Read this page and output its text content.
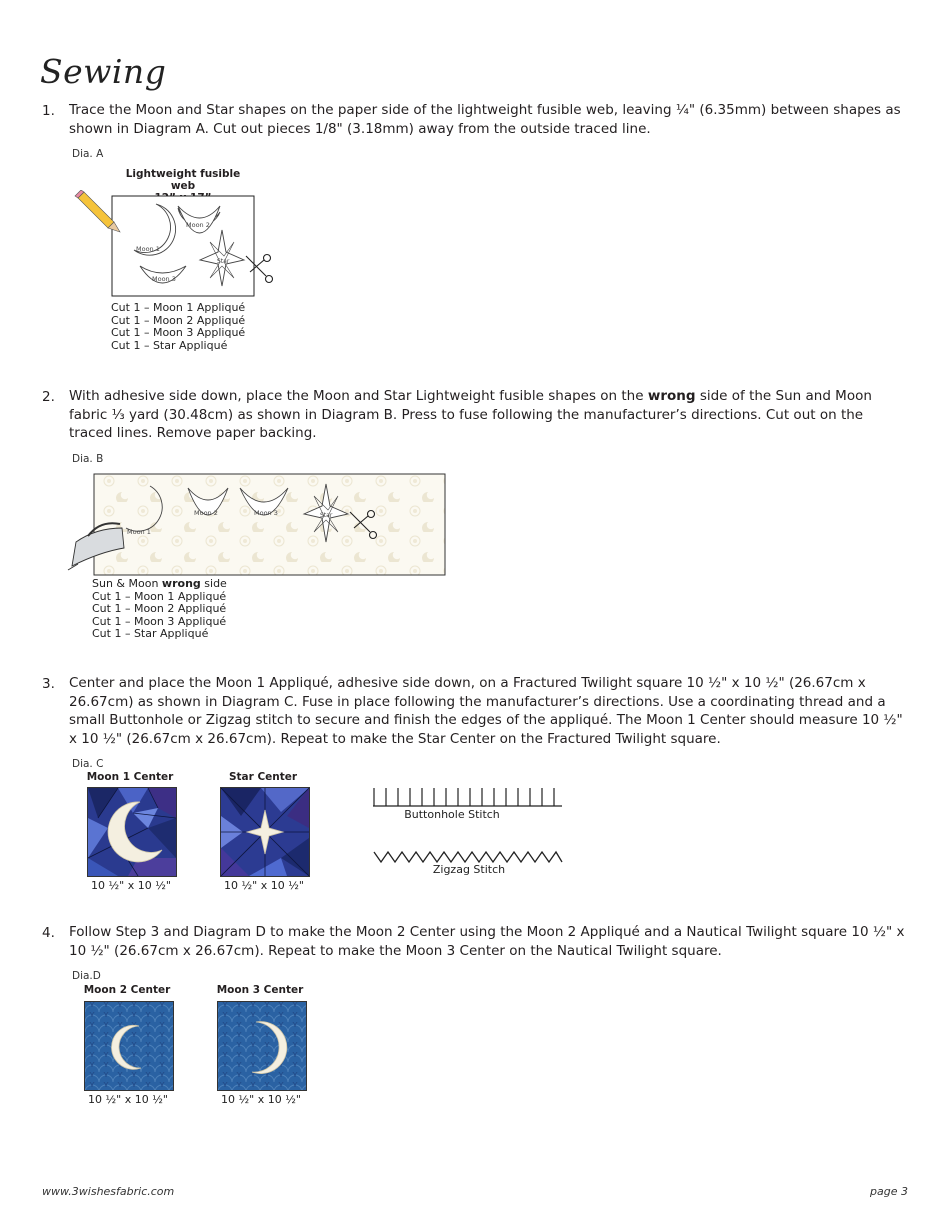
Sewing
1. Trace the Moon and Star shapes on the paper side of the lightweight fusible web, leaving ¼" (6.35mm) between shapes as shown in Diagram A. Cut out pieces 1/8" (3.18mm) away from the outside traced line.
Dia. A
Lightweight fusible web
Moon 1
Moon 2
Moon 3
Star
Cut 1 – Moon 1 Appliqué
Cut 1 – Moon 2 Appliqué
Cut 1 – Moon 3 Appliqué
Cut 1 – Star Appliqué
2. With adhesive side down, place the Moon and Star Lightweight fusible shapes on the wrong side of the Sun and Moon fabric ⅓ yard (30.48cm) as shown in Diagram B. Press to fuse following the manufacturer’s directions. Cut out on the traced lines. Remove paper backing.
Dia. B
Moon 1
Moon 2	Moon 3	Star
Sun & Moon wrong side
Cut 1 – Moon 1 Appliqué
Cut 1 – Moon 2 Appliqué
Cut 1 – Moon 3 Appliqué
Cut 1 – Star Appliqué
3. Center and place the Moon 1 Appliqué, adhesive side down, on a Fractured Twilight square 10 ½" x 10 ½" (26.67cm x 26.67cm) as shown in Diagram C. Fuse in place following the manufacturer’s directions. Use a coordinating thread and a small Buttonhole or Zigzag stitch to secure and finish the edges of the appliqué. The Moon 1 Center should measure 10 ½" x 10 ½" (26.67cm x 26.67cm). Repeat to make the Star Center on the Fractured Twilight square.
Dia. C
Moon 1 Center	Star Center
10 ½" x 10 ½"	10 ½" x 10 ½"
Buttonhole Stitch
Zigzag Stitch
4. Follow Step 3 and Diagram D to make the Moon 2 Center using the Moon 2 Appliqué and a Nautical Twilight square 10 ½" x 10 ½" (26.67cm x 26.67cm). Repeat to make the Moon 3 Center on the Nautical Twilight square.
Dia.D
Moon 2 Center	Moon 3 Center
10 ½" x 10 ½"	10 ½" x 10 ½"
www.3wishesfabric.com	page 3
